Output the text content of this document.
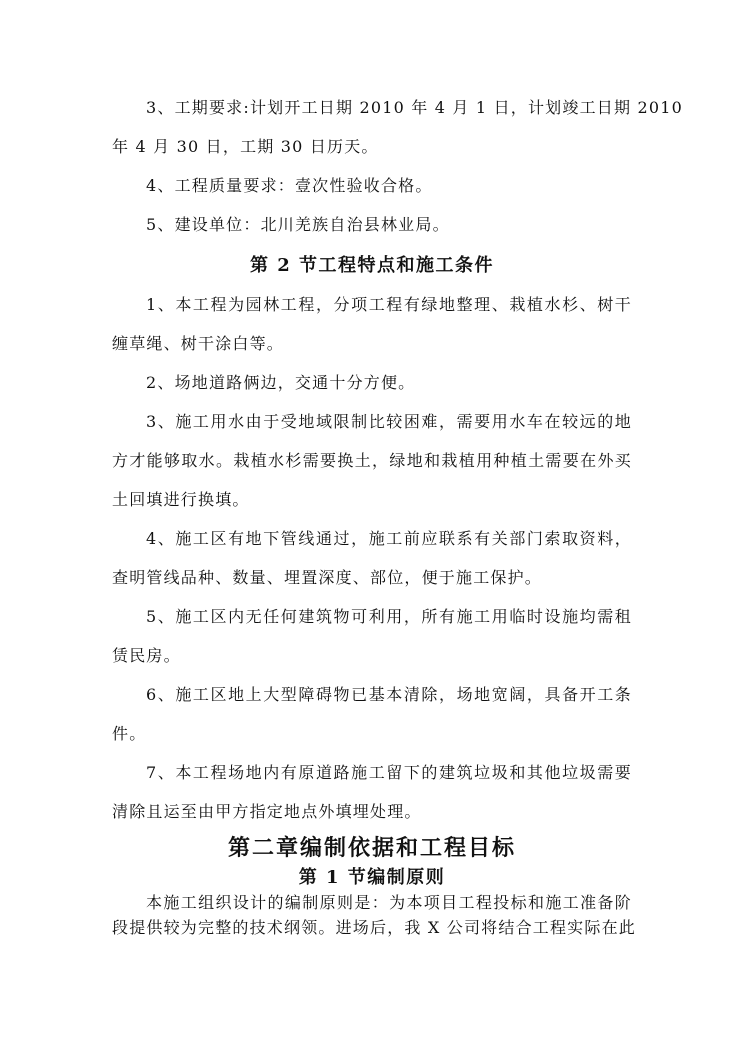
3、工期要求:计划开工日期 2010 年 4 月 1 日，计划竣工日期 2010
年 4 月 30 日，工期 30 日历天。
4、工程质量要求：壹次性验收合格。
5、建设单位：北川羌族自治县林业局。
第 2 节工程特点和施工条件
1、本工程为园林工程，分项工程有绿地整理、栽植水杉、树干
缠草绳、树干涂白等。
2、场地道路俩边，交通十分方便。
3、施工用水由于受地域限制比较困难，需要用水车在较远的地
方才能够取水。栽植水杉需要换土，绿地和栽植用种植土需要在外买
土回填进行换填。
4、施工区有地下管线通过，施工前应联系有关部门索取资料，
查明管线品种、数量、埋置深度、部位，便于施工保护。
5、施工区内无任何建筑物可利用，所有施工用临时设施均需租
赁民房。
6、施工区地上大型障碍物已基本清除，场地宽阔，具备开工条
件。
7、本工程场地内有原道路施工留下的建筑垃圾和其他垃圾需要
清除且运至由甲方指定地点外填埋处理。
第二章编制依据和工程目标
第 1 节编制原则
本施工组织设计的编制原则是：为本项目工程投标和施工准备阶
段提供较为完整的技术纲领。进场后，我 X 公司将结合工程实际在此
